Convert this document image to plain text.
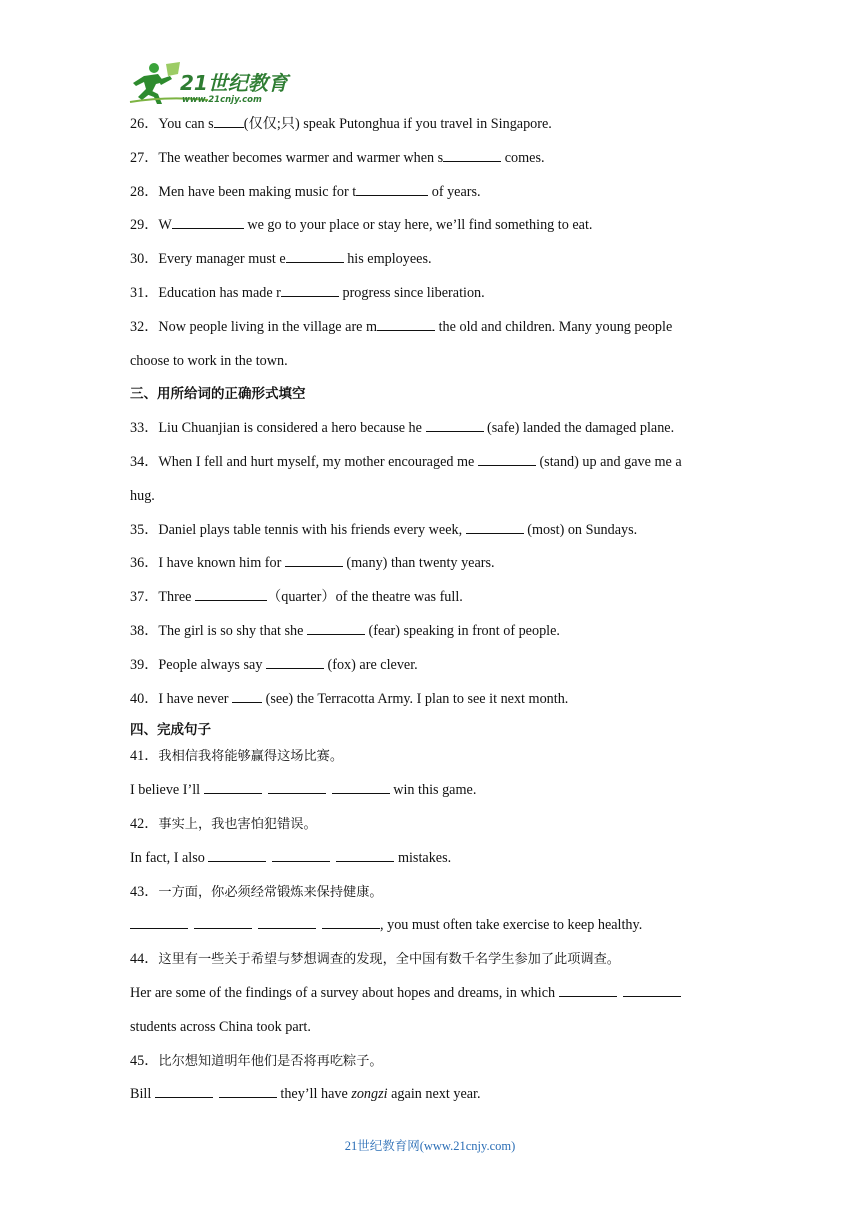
21世纪教育
www.21cnjy.com
26．You can s (仅仅;只) speak Putonghua if you travel in Singapore.
27．The weather becomes warmer and warmer when s	comes.
28．Men have been making music for t	of years.
29．W	we go to your place or stay here, we’ll find something to eat.
30．Every manager must e	his employees.
31．Education has made r	progress since liberation.
32．Now people living in the village are m	the old and children. Many young people
choose to work in the town.
三、用所给词的正确形式填空
33．Liu Chuanjian is considered a hero because he	(safe) landed the damaged plane.
34．When I fell and hurt myself, my mother encouraged me	(stand) up and gave me a
hug.
35．Daniel plays table tennis with his friends every week,	(most) on Sundays.
36．I have known him for	(many) than twenty years.
37．Three	（quarter）of the theatre was full.
38．The girl is so shy that she	(fear) speaking in front of people.
39．People always say	(fox) are clever.
40．I have never  (see) the Terracotta Army. I plan to see it next month.
四、完成句子
41．我相信我将能够赢得这场比赛。
I believe I’ll	win this game.
42．事实上，我也害怕犯错误。
In fact, I also	mistakes.
43．一方面，你必须经常锻炼来保持健康。
, you must often take exercise to keep healthy.
44．这里有一些关于希望与梦想调查的发现，全中国有数千名学生参加了此项调查。
Her are some of the findings of a survey about hopes and dreams, in which
students across China took part.
45．比尔想知道明年他们是否将再吃粽子。
Bill	they’ll have zongzi again next year.
21世纪教育网(www.21cnjy.com)
